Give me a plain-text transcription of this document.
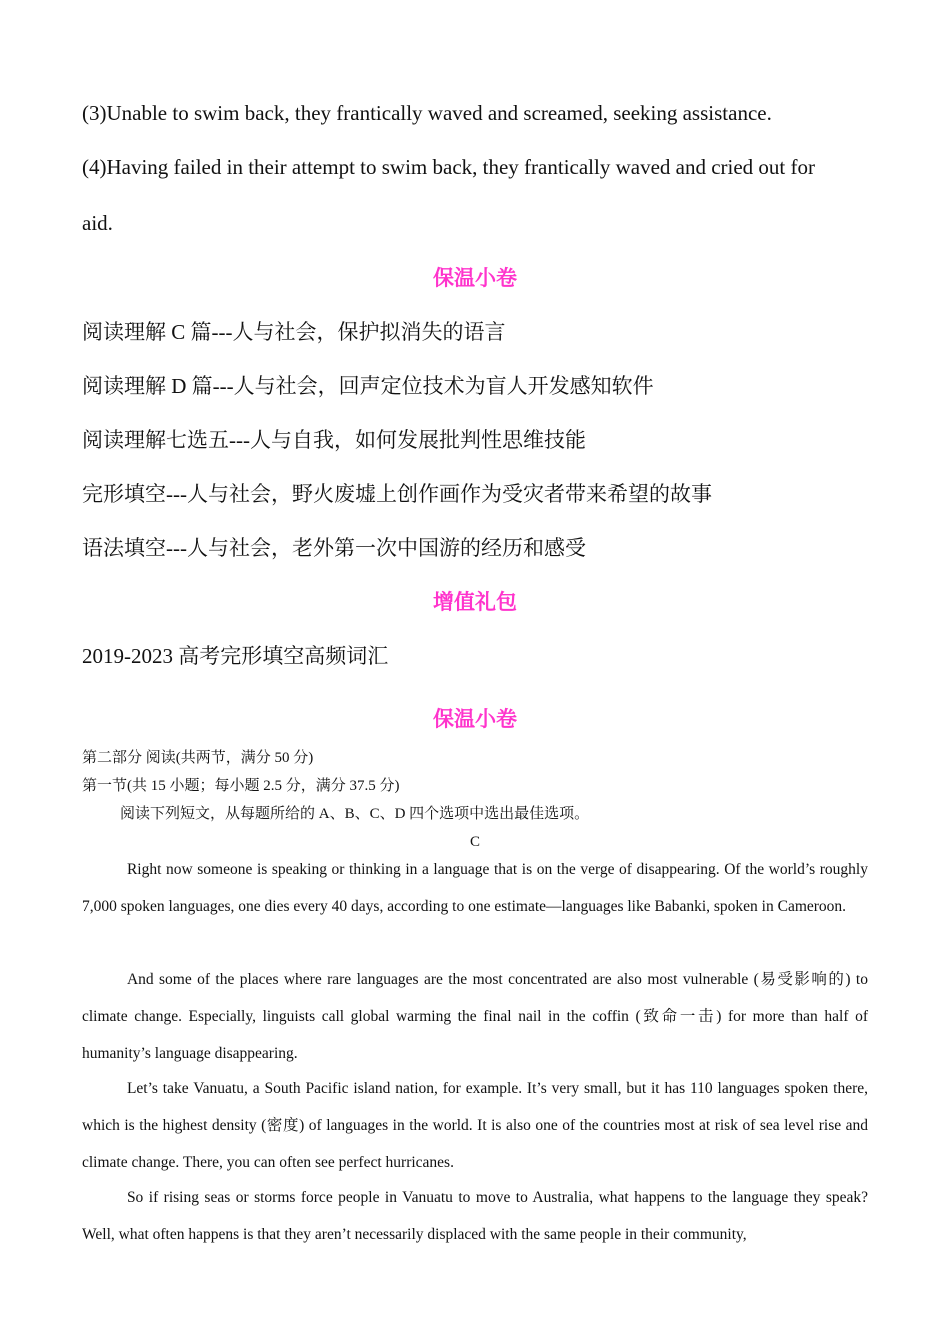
(3)Unable to swim back, they frantically waved and screamed, seeking assistance.
(4)Having failed in their attempt to swim back, they frantically waved and cried out for
aid.
保温小卷
阅读理解 C 篇---人与社会，保护拟消失的语言
阅读理解 D 篇---人与社会，回声定位技术为盲人开发感知软件
阅读理解七选五---人与自我，如何发展批判性思维技能
完形填空---人与社会，野火废墟上创作画作为受灾者带来希望的故事
语法填空---人与社会，老外第一次中国游的经历和感受
增值礼包
2019-2023 高考完形填空高频词汇
保温小卷
第二部分 阅读(共两节，满分 50 分)
第一节(共 15 小题；每小题 2.5 分，满分 37.5 分)
阅读下列短文，从每题所给的 A、B、C、D 四个选项中选出最佳选项。
C
Right now someone is speaking or thinking in a language that is on the verge of disappearing. Of the world’s roughly 7,000 spoken languages, one dies every 40 days, according to one estimate—languages like Babanki, spoken in Cameroon.
And some of the places where rare languages are the most concentrated are also most vulnerable (易受影响的) to climate change. Especially, linguists call global warming the final nail in the coffin (致命一击) for more than half of humanity’s language disappearing.
Let’s take Vanuatu, a South Pacific island nation, for example. It’s very small, but it has 110 languages spoken there, which is the highest density (密度) of languages in the world. It is also one of the countries most at risk of sea level rise and climate change. There, you can often see perfect hurricanes.
So if rising seas or storms force people in Vanuatu to move to Australia, what happens to the language they speak? Well, what often happens is that they aren’t necessarily displaced with the same people in their community,
